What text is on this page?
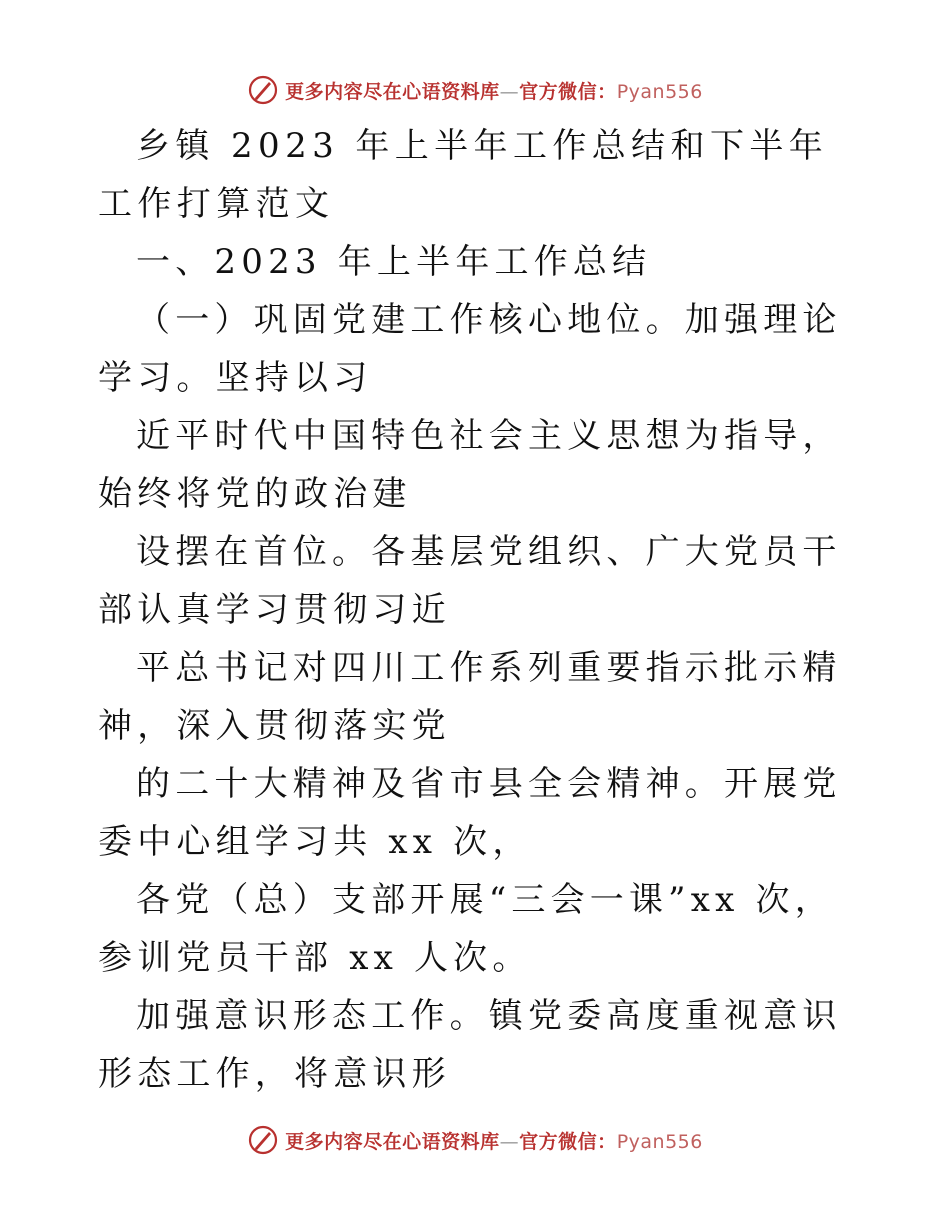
更多内容尽在心语资料库—官方微信：Pyan556

乡镇 2023 年上半年工作总结和下半年工作打算范文

一、2023 年上半年工作总结

（一）巩固党建工作核心地位。加强理论学习。坚持以习

近平时代中国特色社会主义思想为指导，始终将党的政治建

设摆在首位。各基层党组织、广大党员干部认真学习贯彻习近

平总书记对四川工作系列重要指示批示精神，深入贯彻落实党

的二十大精神及省市县全会精神。开展党委中心组学习共 xx 次，

各党（总）支部开展“三会一课”xx 次，参训党员干部 xx 人次。

加强意识形态工作。镇党委高度重视意识形态工作，将意识形

更多内容尽在心语资料库—官方微信：Pyan556
